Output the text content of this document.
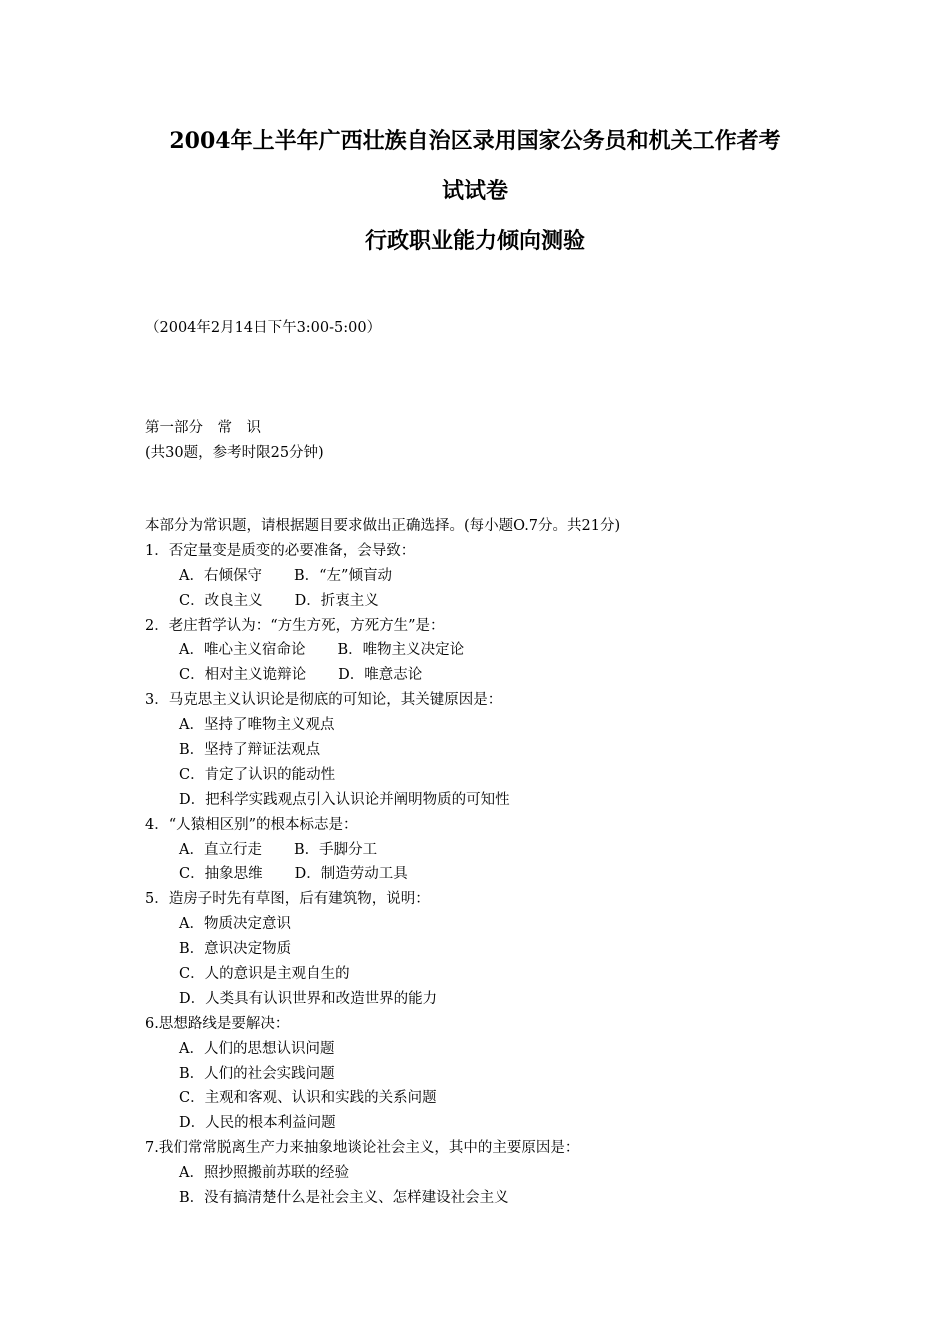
2004年上半年广西壮族自治区录用国家公务员和机关工作者考
试试卷
行政职业能力倾向测验
（2004年2月14日下午3:00-5:00）
第一部分　常　识
(共30题，参考时限25分钟)
本部分为常识题，请根据题目要求做出正确选择。(每小题O.7分。共21分)
1．否定量变是质变的必要准备，会导致：
A．右倾保守 B．“左”倾盲动
C．改良主义 D．折衷主义
2．老庄哲学认为：“方生方死，方死方生”是：
A．唯心主义宿命论 B．唯物主义决定论
C．相对主义诡辩论 D．唯意志论
3．马克思主义认识论是彻底的可知论，其关键原因是：
A．坚持了唯物主义观点
B．坚持了辩证法观点
C．肯定了认识的能动性
D．把科学实践观点引入认识论并阐明物质的可知性
4．“人猿相区别”的根本标志是：
A．直立行走 B．手脚分工
C．抽象思维 D．制造劳动工具
5．造房子时先有草图，后有建筑物，说明：
A．物质决定意识
B．意识决定物质
C．人的意识是主观自生的
D．人类具有认识世界和改造世界的能力
6.思想路线是要解决：
A．人们的思想认识问题
B．人们的社会实践问题
C．主观和客观、认识和实践的关系问题
D．人民的根本利益问题
7.我们常常脱离生产力来抽象地谈论社会主义，其中的主要原因是：
A．照抄照搬前苏联的经验
B．没有搞清楚什么是社会主义、怎样建设社会主义
